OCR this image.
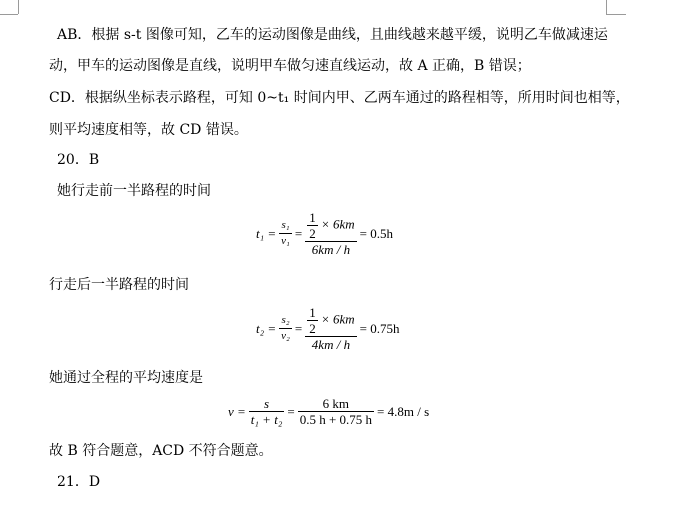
AB．根据 s-t 图像可知，乙车的运动图像是曲线，且曲线越来越平缓，说明乙车做减速运
动，甲车的运动图像是直线，说明甲车做匀速直线运动，故 A 正确，B 错误；
CD．根据纵坐标表示路程，可知 0~t₁ 时间内甲、乙两车通过的路程相等，所用时间也相等，
则平均速度相等，故 CD 错误。
20．B
她行走前一半路程的时间
$t_1 = \frac{\text{s₁}}{\text{v₁}} = \frac{\frac{1}{2} \times 6km}{6km / h} = 0.5h$
行走后一半路程的时间
$t_2 = \frac{\text{s₂}}{\text{v₂}} = \frac{\frac{1}{2} \times 6km}{4km / h} = 0.75h$
她通过全程的平均速度是
$v = \frac{s}{\text{t₁ + t₂}} = \frac{6 km}{0.5 h + 0.75 h} = 4.8m / s$
故 B 符合题意，ACD 不符合题意。
21．D
